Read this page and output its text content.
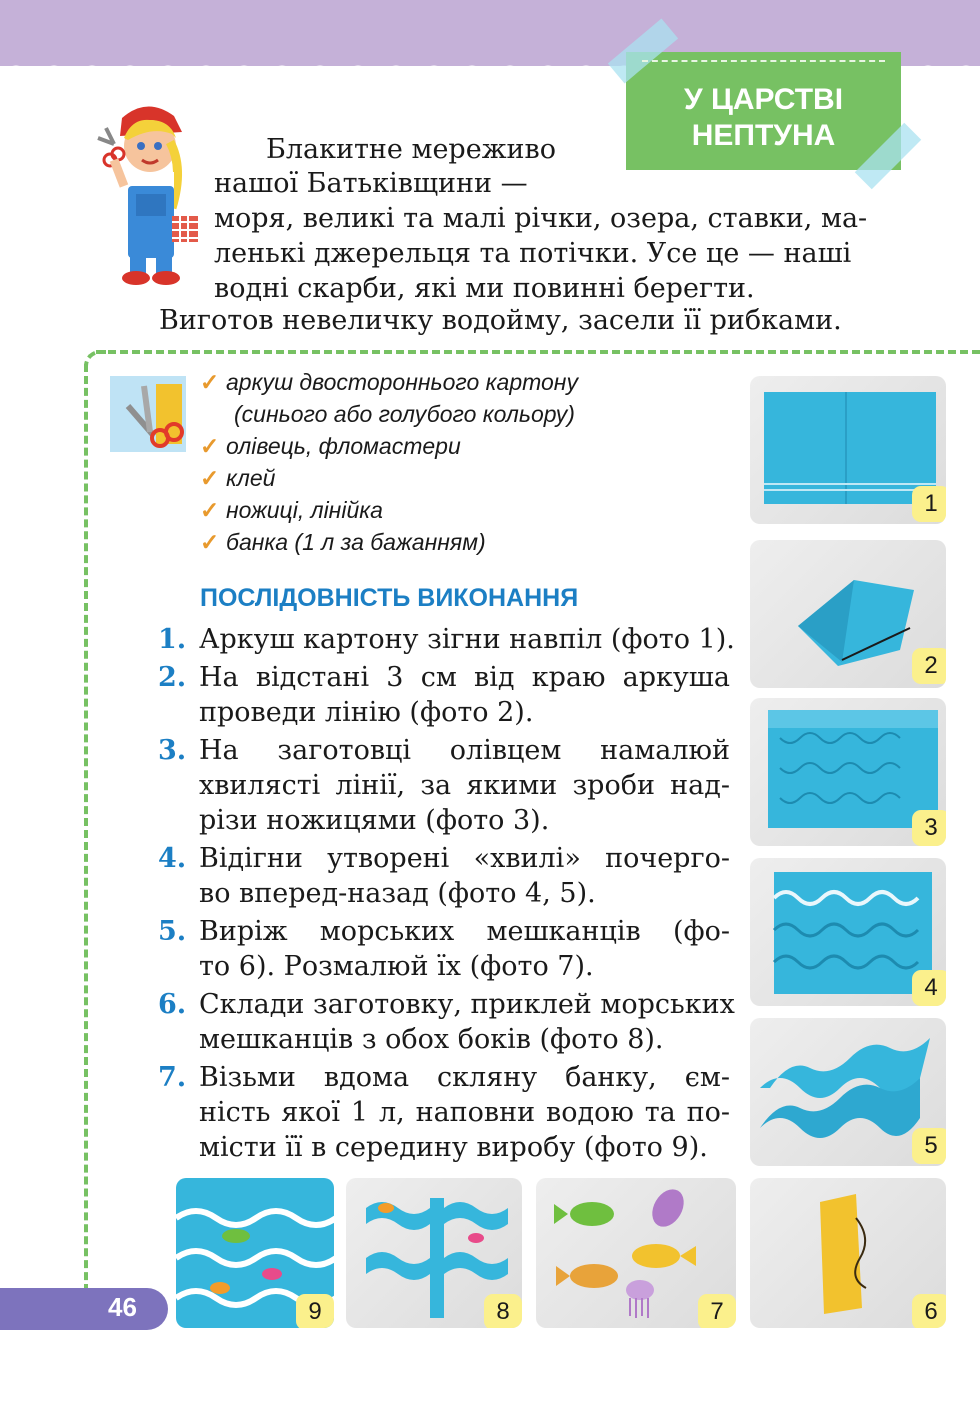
У ЦАРСТВІ
НЕПТУНА
Блакитне мереживо
нашої Батьківщини —
моря, великі та малі річки, озера, ставки, ма-
ленькі джерельця та потічки. Усе це — наші
водні скарби, які ми повинні берегти.
Виготов невеличку водойму, засели її рибками.
✓ аркуш двостороннього картону
(синього або голубого кольору)
✓ олівець, фломастери
✓ клей
✓ ножиці, лінійка
✓ банка (1 л за бажанням)
ПОСЛІДОВНІСТЬ ВИКОНАННЯ
1. Аркуш картону зігни навпіл (фото 1).
2. На відстані 3 см від краю аркуша
проведи лінію (фото 2).
3. На заготовці олівцем намалюй
хвилясті лінії, за якими зроби над-
різи ножицями (фото 3).
4. Відігни утворені «хвилі» почерго-
во вперед-назад (фото 4, 5).
5. Виріж морських мешканців (фо-
то 6). Розмалюй їх (фото 7).
6. Склади заготовку, приклей морських
мешканців з обох боків (фото 8).
7. Візьми вдома скляну банку, єм-
ність якої 1 л, наповни водою та по-
місти її в середину виробу (фото 9).
1
2
3
4
5
9	8	7	6
46
